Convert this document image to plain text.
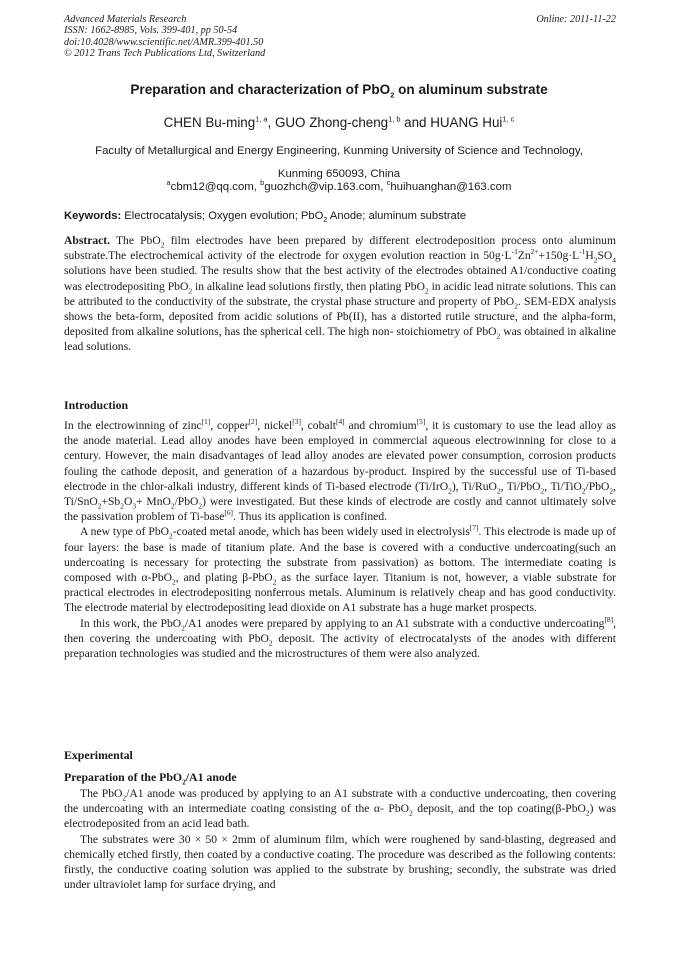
Advanced Materials Research
ISSN: 1662-8985, Vols. 399-401, pp 50-54
doi:10.4028/www.scientific.net/AMR.399-401.50
© 2012 Trans Tech Publications Ltd, Switzerland
Online: 2011-11-22
Preparation and characterization of PbO$_2$ on aluminum substrate
CHEN Bu-ming$^{1, a}$, GUO Zhong-cheng$^{1, b}$ and HUANG Hui$^{1, c}$
Faculty of Metallurgical and Energy Engineering, Kunming University of Science and Technology,
Kunming 650093, China
$^a$cbm12@qq.com, $^b$guozhch@vip.163.com, $^c$huihuanghan@163.com
Keywords: Electrocatalysis; Oxygen evolution; PbO$_2$ Anode; aluminum substrate

Abstract. The PbO$_2$ film electrodes have been prepared by different electrodeposition process onto aluminum substrate.The electrochemical activity of the electrode for oxygen evolution reaction in $50g\cdot L^{-1}Zn^{2+}+150g\cdot L^{-1}H_2SO_4$ solutions have been studied. The results show that the best activity of the electrodes obtained A1/conductive coating was electrodepositing PbO$_2$ in alkaline lead solutions firstly, then plating PbO$_2$ in acidic lead nitrate solutions. This can be attributed to the conductivity of the substrate, the crystal phase structure and property of PbO$_2$. SEM-EDX analysis shows the beta-form, deposited from acidic solutions of Pb(II), has a distorted rutile structure, and the alpha-form, deposited from alkaline solutions, has the spherical cell. The high non- stoichiometry of PbO$_2$ was obtained in alkaline lead solutions.

Introduction

In the electrowinning of zinc[1], copper[2], nickel[3], cobalt[4] and chromium[5], it is customary to use the lead alloy as the anode material. Lead alloy anodes have been employed in commercial aqueous electrowinning for close to a century. However, the main disadvantages of lead alloy anodes are elevated power consumption, corrosion products fouling the cathode deposit, and generation of a hazardous by-product. Inspired by the successful use of Ti-based electrode in the chlor-alkali industry, different kinds of Ti-based electrode (Ti/IrO$_2$), Ti/RuO$_2$, Ti/PbO$_2$, Ti/TiO$_2$/PbO$_2$, $Ti/SnO_2+Sb_2O_3+ MnO_2/PbO_2$) were investigated. But these kinds of electrode are costly and cannot ultimately solve the passivation problem of Ti-base[6]. Thus its application is confined.

A new type of PbO$_2$-coated metal anode, which has been widely used in electrolysis[7]. This electrode is made up of four layers: the base is made of titanium plate. And the base is covered with a conductive undercoating(such an undercoating is necessary for protecting the substrate from passivation) as bottom. The intermediate coating is composed with α-PbO$_2$, and plating β-PbO$_2$ as the surface layer. Titanium is not, however, a viable substrate for practical electrodes in electrodepositing nonferrous metals. Aluminum is relatively cheap and has good conductivity. The electrode material by electrodepositing lead dioxide on A1 substrate has a huge market prospects.

In this work, the PbO$_2$/A1 anodes were prepared by applying to an A1 substrate with a conductive undercoating[8], then covering the undercoating with PbO$_2$ deposit. The activity of electrocatalysts of the anodes with different preparation technologies was studied and the microstructures of them were also analyzed.

Experimental
Preparation of the PbO$_2$/A1 anode

The PbO$_2$/A1 anode was produced by applying to an A1 substrate with a conductive undercoating, then covering the undercoating with an intermediate coating consisting of the α- PbO$_2$ deposit, and the top coating(β-PbO$_2$) was electrodeposited from an acid lead bath.

The substrates were 30 × 50 × 2mm of aluminum film, which were roughened by sand-blasting, degreased and chemically etched firstly, then coated by a conductive coating. The procedure was described as the following contents: firstly, the conductive coating solution was applied to the substrate by brushing; secondly, the substrate was dried under ultraviolet lamp for surface drying, and
